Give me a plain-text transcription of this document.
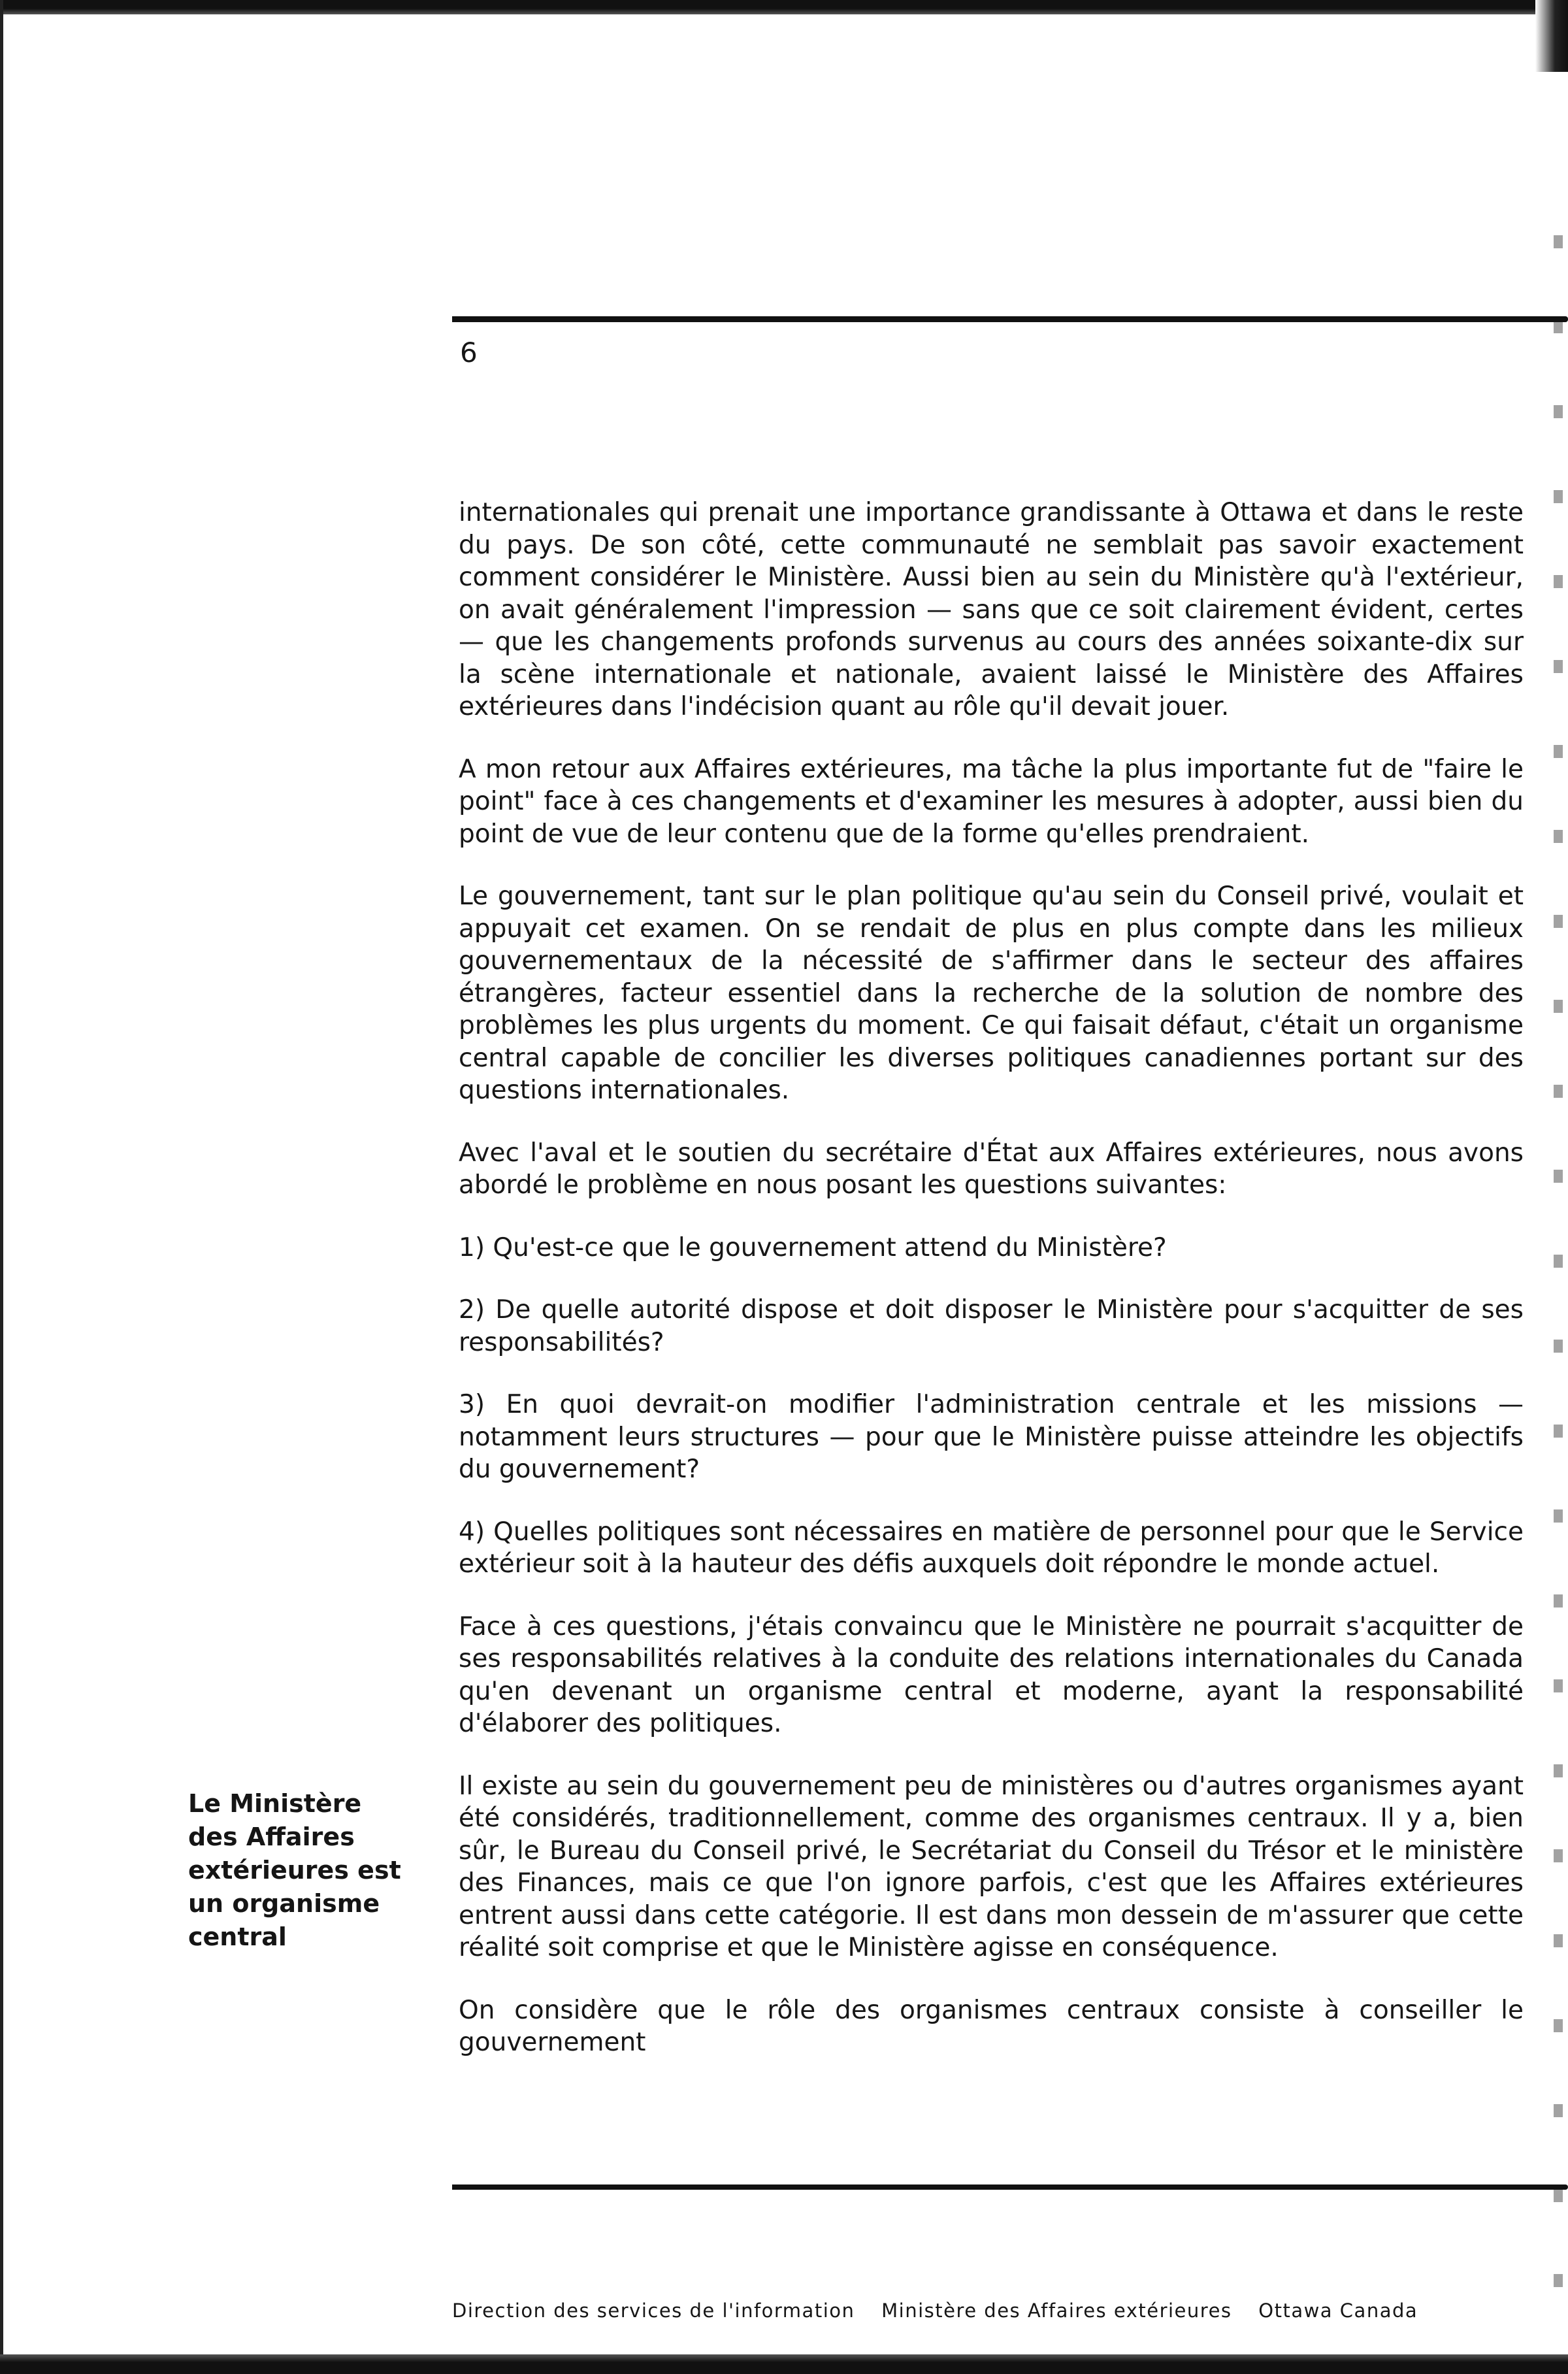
6

internationales qui prenait une importance grandissante à Ottawa et dans le reste du pays. De son côté, cette communauté ne semblait pas savoir exactement comment considérer le Ministère. Aussi bien au sein du Ministère qu'à l'extérieur, on avait généralement l'impression — sans que ce soit clairement évident, certes — que les changements profonds survenus au cours des années soixante-dix sur la scène internationale et nationale, avaient laissé le Ministère des Affaires extérieures dans l'indécision quant au rôle qu'il devait jouer.

A mon retour aux Affaires extérieures, ma tâche la plus importante fut de "faire le point" face à ces changements et d'examiner les mesures à adopter, aussi bien du point de vue de leur contenu que de la forme qu'elles prendraient.

Le gouvernement, tant sur le plan politique qu'au sein du Conseil privé, voulait et appuyait cet examen. On se rendait de plus en plus compte dans les milieux gouvernementaux de la nécessité de s'affirmer dans le secteur des affaires étrangères, facteur essentiel dans la recherche de la solution de nombre des problèmes les plus urgents du moment. Ce qui faisait défaut, c'était un organisme central capable de concilier les diverses politiques canadiennes portant sur des questions internationales.

Avec l'aval et le soutien du secrétaire d'État aux Affaires extérieures, nous avons abordé le problème en nous posant les questions suivantes:

1) Qu'est-ce que le gouvernement attend du Ministère?

2) De quelle autorité dispose et doit disposer le Ministère pour s'acquitter de ses responsabilités?

3) En quoi devrait-on modifier l'administration centrale et les missions — notamment leurs structures — pour que le Ministère puisse atteindre les objectifs du gouvernement?

4) Quelles politiques sont nécessaires en matière de personnel pour que le Service extérieur soit à la hauteur des défis auxquels doit répondre le monde actuel.

Face à ces questions, j'étais convaincu que le Ministère ne pourrait s'acquitter de ses responsabilités relatives à la conduite des relations internationales du Canada qu'en devenant un organisme central et moderne, ayant la responsabilité d'élaborer des politiques.

Il existe au sein du gouvernement peu de ministères ou d'autres organismes ayant été considérés, traditionnellement, comme des organismes centraux. Il y a, bien sûr, le Bureau du Conseil privé, le Secrétariat du Conseil du Trésor et le ministère des Finances, mais ce que l'on ignore parfois, c'est que les Affaires extérieures entrent aussi dans cette catégorie. Il est dans mon dessein de m'assurer que cette réalité soit comprise et que le Ministère agisse en conséquence.

On considère que le rôle des organismes centraux consiste à conseiller le gouvernement

Le Ministère
des Affaires
extérieures est
un organisme
central
Direction des services de l'information Ministère des Affaires extérieures Ottawa Canada
